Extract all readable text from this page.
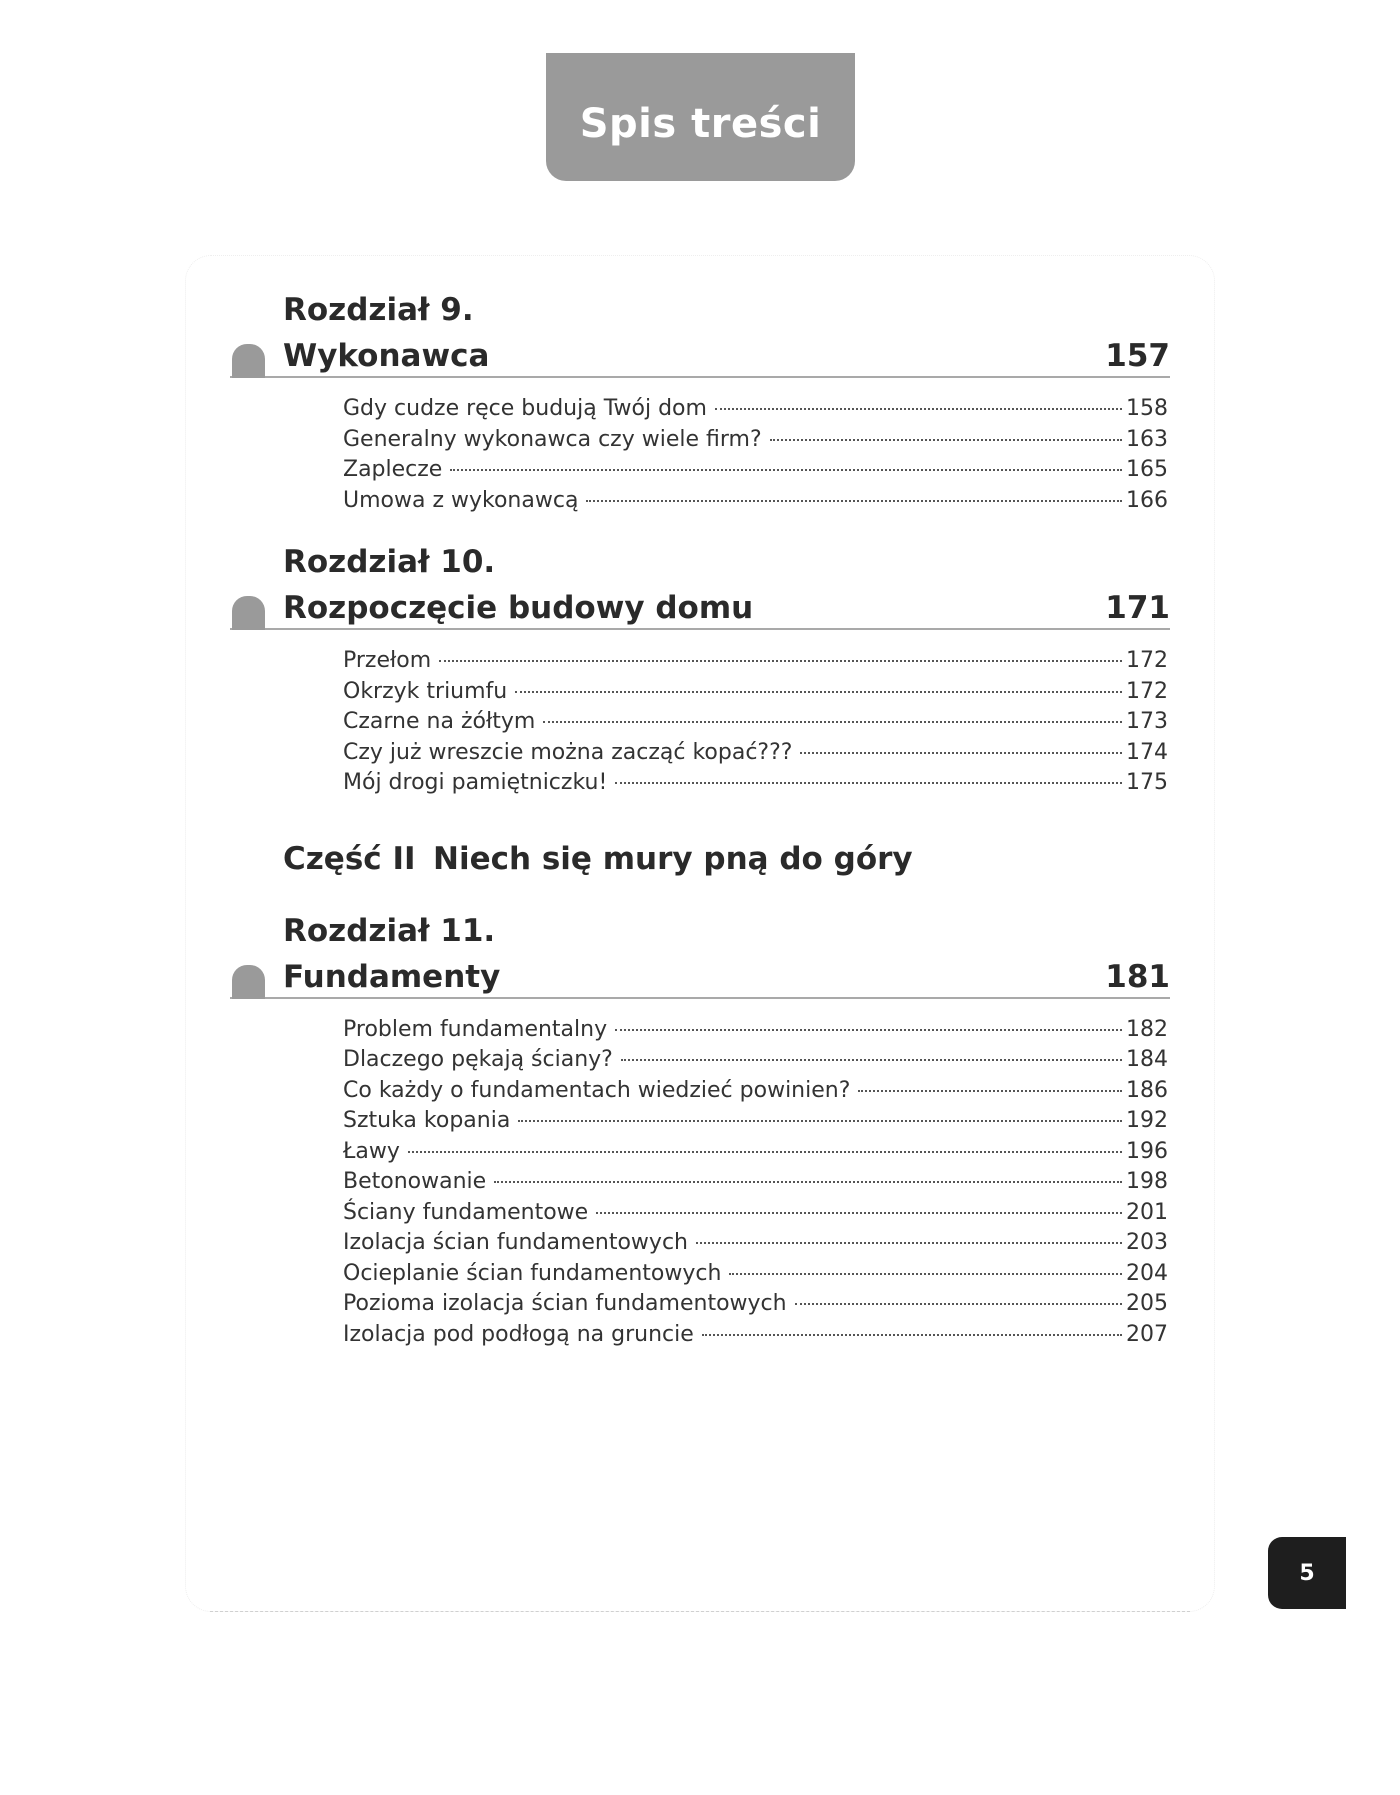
Spis treści
Rozdział 9.
Wykonawca	157
Gdy cudze ręce budują Twój dom	158
Generalny wykonawca czy wiele firm?	163
Zaplecze	165
Umowa z wykonawcą	166
Rozdział 10.
Rozpoczęcie budowy domu	171
Przełom	172
Okrzyk triumfu	172
Czarne na żółtym	173
Czy już wreszcie można zacząć kopać???	174
Mój drogi pamiętniczku!	175
Część II Niech się mury pną do góry
Rozdział 11.
Fundamenty	181
Problem fundamentalny	182
Dlaczego pękają ściany?	184
Co każdy o fundamentach wiedzieć powinien?	186
Sztuka kopania	192
Ławy	196
Betonowanie	198
Ściany fundamentowe	201
Izolacja ścian fundamentowych	203
Ocieplanie ścian fundamentowych	204
Pozioma izolacja ścian fundamentowych	205
Izolacja pod podłogą na gruncie	207
5
